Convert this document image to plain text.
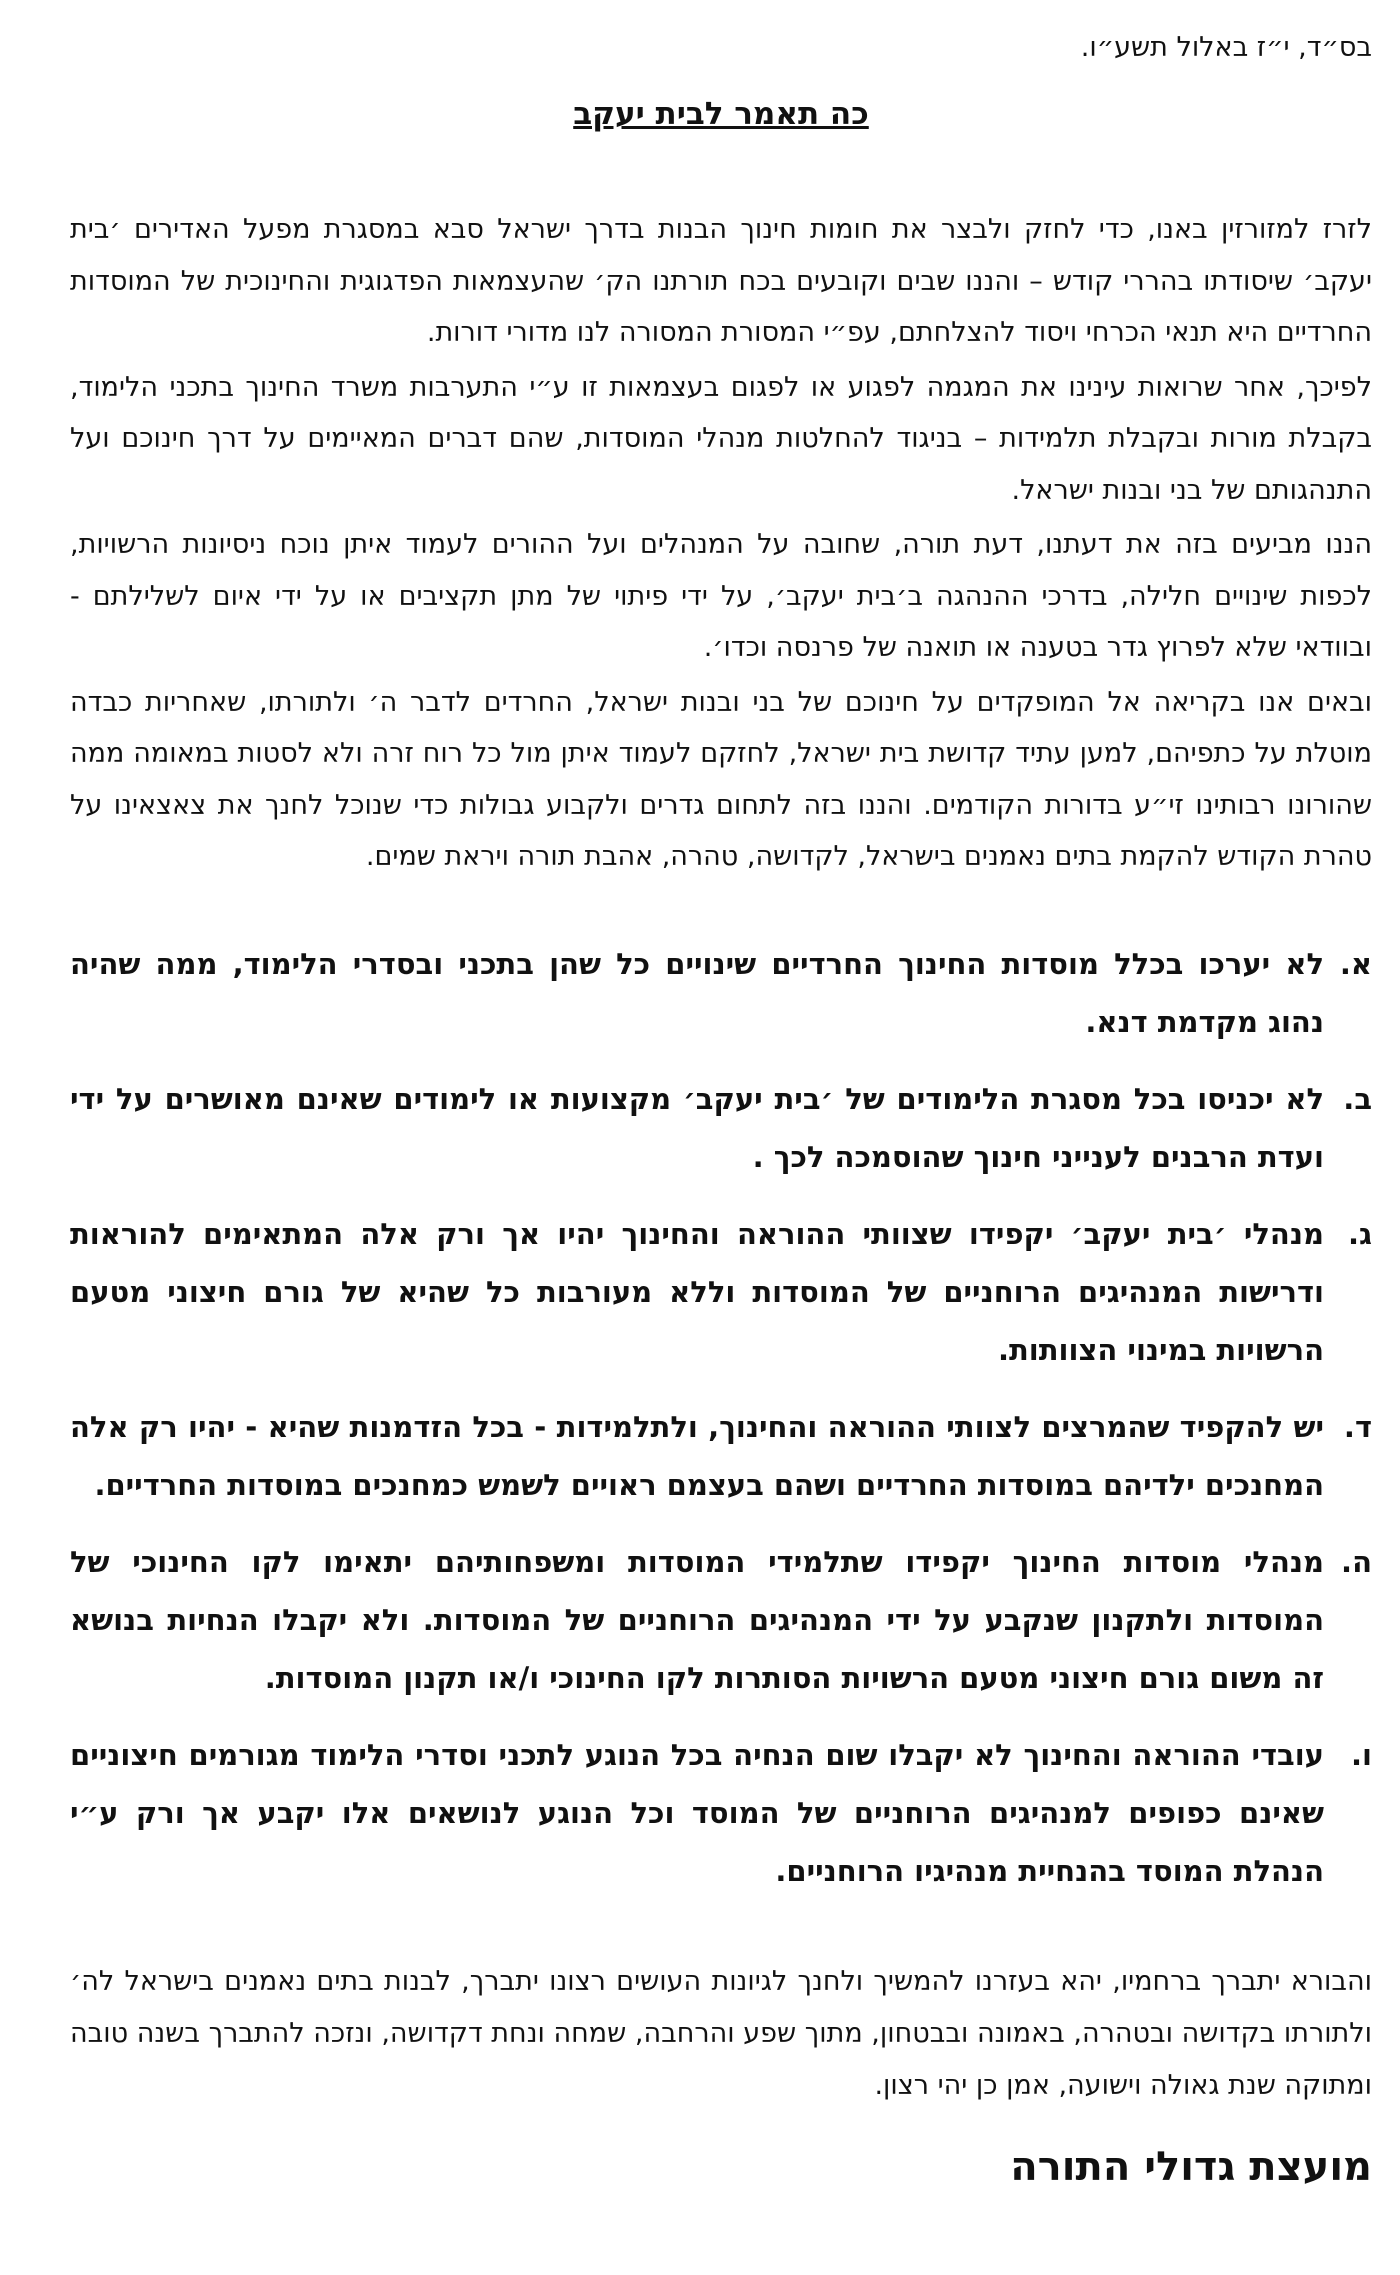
בס״ד, י״ז באלול תשע״ו.
כה תאמר לבית יעקב

לזרז למזורזין באנו, כדי לחזק ולבצר את חומות חינוך הבנות בדרך ישראל סבא במסגרת מפעל האדירים ׳בית יעקב׳ שיסודתו בהררי קודש – והננו שבים וקובעים בכח תורתנו הק׳ שהעצמאות הפדגוגית והחינוכית של המוסדות החרדיים היא תנאי הכרחי ויסוד להצלחתם, עפ״י המסורת המסורה לנו מדורי דורות.

לפיכך, אחר שרואות עינינו את המגמה לפגוע או לפגום בעצמאות זו ע״י התערבות משרד החינוך בתכני הלימוד, בקבלת מורות ובקבלת תלמידות – בניגוד להחלטות מנהלי המוסדות, שהם דברים המאיימים על דרך חינוכם ועל התנהגותם של בני ובנות ישראל.

הננו מביעים בזה את דעתנו, דעת תורה, שחובה על המנהלים ועל ההורים לעמוד איתן נוכח ניסיונות הרשויות, לכפות שינויים חלילה, בדרכי ההנהגה ב׳בית יעקב׳, על ידי פיתוי של מתן תקציבים או על ידי איום לשלילתם - ובוודאי שלא לפרוץ גדר בטענה או תואנה של פרנסה וכדו׳.

ובאים אנו בקריאה אל המופקדים על חינוכם של בני ובנות ישראל, החרדים לדבר ה׳ ולתורתו, שאחריות כבדה מוטלת על כתפיהם, למען עתיד קדושת בית ישראל, לחזקם לעמוד איתן מול כל רוח זרה ולא לסטות במאומה ממה שהורונו רבותינו זי״ע בדורות הקודמים. והננו בזה לתחום גדרים ולקבוע גבולות כדי שנוכל לחנך את צאצאינו על טהרת הקודש להקמת בתים נאמנים בישראל, לקדושה, טהרה, אהבת תורה ויראת שמים.

א.
לא יערכו בכלל מוסדות החינוך החרדיים שינויים כל שהן בתכני ובסדרי הלימוד, ממה שהיה נהוג מקדמת דנא.
ב.
לא יכניסו בכל מסגרת הלימודים של ׳בית יעקב׳ מקצועות או לימודים שאינם מאושרים על ידי ועדת הרבנים לענייני חינוך שהוסמכה לכך .
ג.
מנהלי ׳בית יעקב׳ יקפידו שצוותי ההוראה והחינוך יהיו אך ורק אלה המתאימים להוראות ודרישות המנהיגים הרוחניים של המוסדות וללא מעורבות כל שהיא של גורם חיצוני מטעם הרשויות במינוי הצוותות.
ד.
יש להקפיד שהמרצים לצוותי ההוראה והחינוך, ולתלמידות - בכל הזדמנות שהיא - יהיו רק אלה המחנכים ילדיהם במוסדות החרדיים ושהם בעצמם ראויים לשמש כמחנכים במוסדות החרדיים.
ה.
מנהלי מוסדות החינוך יקפידו שתלמידי המוסדות ומשפחותיהם יתאימו לקו החינוכי של המוסדות ולתקנון שנקבע על ידי המנהיגים הרוחניים של המוסדות. ולא יקבלו הנחיות בנושא זה משום גורם חיצוני מטעם הרשויות הסותרות לקו החינוכי ו/או תקנון המוסדות.
ו.
עובדי ההוראה והחינוך לא יקבלו שום הנחיה בכל הנוגע לתכני וסדרי הלימוד מגורמים חיצוניים שאינם כפופים למנהיגים הרוחניים של המוסד וכל הנוגע לנושאים אלו יקבע אך ורק ע״י הנהלת המוסד בהנחיית מנהיגיו הרוחניים.

והבורא יתברך ברחמיו, יהא בעזרנו להמשיך ולחנך לגיונות העושים רצונו יתברך, לבנות בתים נאמנים בישראל לה׳ ולתורתו בקדושה ובטהרה, באמונה ובבטחון, מתוך שפע והרחבה, שמחה ונחת דקדושה, ונזכה להתברך בשנה טובה ומתוקה שנת גאולה וישועה, אמן כן יהי רצון.

מועצת גדולי התורה
